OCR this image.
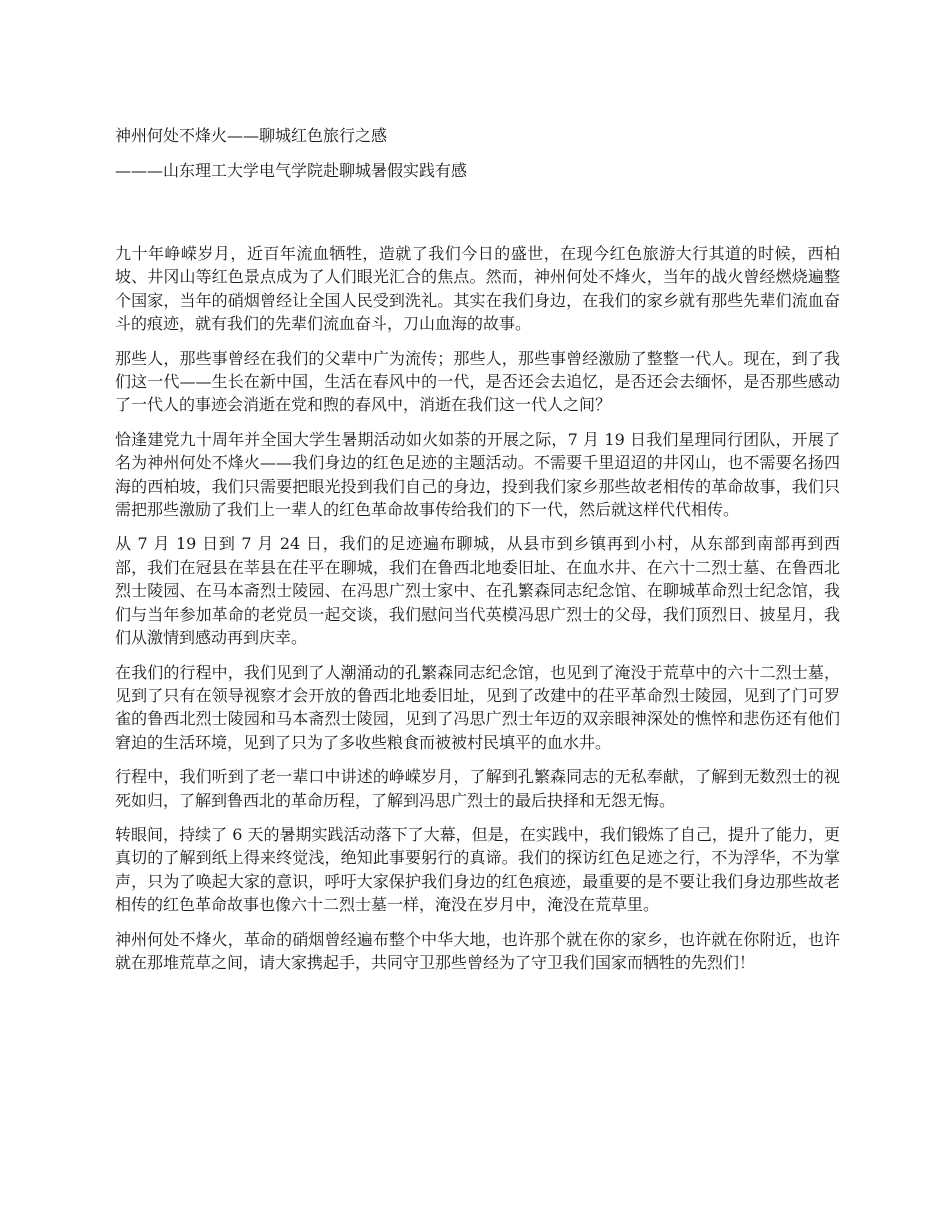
神州何处不烽火——聊城红色旅行之感
———山东理工大学电气学院赴聊城暑假实践有感

九十年峥嵘岁月，近百年流血牺牲，造就了我们今日的盛世，在现今红色旅游大行其道的时候，西柏坡、井冈山等红色景点成为了人们眼光汇合的焦点。然而，神州何处不烽火，当年的战火曾经燃烧遍整个国家，当年的硝烟曾经让全国人民受到洗礼。其实在我们身边，在我们的家乡就有那些先辈们流血奋斗的痕迹，就有我们的先辈们流血奋斗，刀山血海的故事。

那些人，那些事曾经在我们的父辈中广为流传；那些人，那些事曾经激励了整整一代人。现在，到了我们这一代——生长在新中国，生活在春风中的一代，是否还会去追忆，是否还会去缅怀，是否那些感动了一代人的事迹会消逝在党和煦的春风中，消逝在我们这一代人之间？

恰逢建党九十周年并全国大学生暑期活动如火如荼的开展之际，7 月 19 日我们星理同行团队，开展了名为神州何处不烽火——我们身边的红色足迹的主题活动。不需要千里迢迢的井冈山，也不需要名扬四海的西柏坡，我们只需要把眼光投到我们自己的身边，投到我们家乡那些故老相传的革命故事，我们只需把那些激励了我们上一辈人的红色革命故事传给我们的下一代，然后就这样代代相传。

从 7 月 19 日到 7 月 24 日，我们的足迹遍布聊城，从县市到乡镇再到小村，从东部到南部再到西部，我们在冠县在莘县在茌平在聊城，我们在鲁西北地委旧址、在血水井、在六十二烈士墓、在鲁西北烈士陵园、在马本斋烈士陵园、在冯思广烈士家中、在孔繁森同志纪念馆、在聊城革命烈士纪念馆，我们与当年参加革命的老党员一起交谈，我们慰问当代英模冯思广烈士的父母，我们顶烈日、披星月，我们从激情到感动再到庆幸。

在我们的行程中，我们见到了人潮涌动的孔繁森同志纪念馆，也见到了淹没于荒草中的六十二烈士墓，见到了只有在领导视察才会开放的鲁西北地委旧址，见到了改建中的茌平革命烈士陵园，见到了门可罗雀的鲁西北烈士陵园和马本斋烈士陵园，见到了冯思广烈士年迈的双亲眼神深处的憔悴和悲伤还有他们窘迫的生活环境，见到了只为了多收些粮食而被被村民填平的血水井。

行程中，我们听到了老一辈口中讲述的峥嵘岁月，了解到孔繁森同志的无私奉献，了解到无数烈士的视死如归，了解到鲁西北的革命历程，了解到冯思广烈士的最后抉择和无怨无悔。

转眼间，持续了 6 天的暑期实践活动落下了大幕，但是，在实践中，我们锻炼了自己，提升了能力，更真切的了解到纸上得来终觉浅，绝知此事要躬行的真谛。我们的探访红色足迹之行，不为浮华，不为掌声，只为了唤起大家的意识，呼吁大家保护我们身边的红色痕迹，最重要的是不要让我们身边那些故老相传的红色革命故事也像六十二烈士墓一样，淹没在岁月中，淹没在荒草里。

神州何处不烽火，革命的硝烟曾经遍布整个中华大地，也许那个就在你的家乡，也许就在你附近，也许就在那堆荒草之间，请大家携起手，共同守卫那些曾经为了守卫我们国家而牺牲的先烈们！
